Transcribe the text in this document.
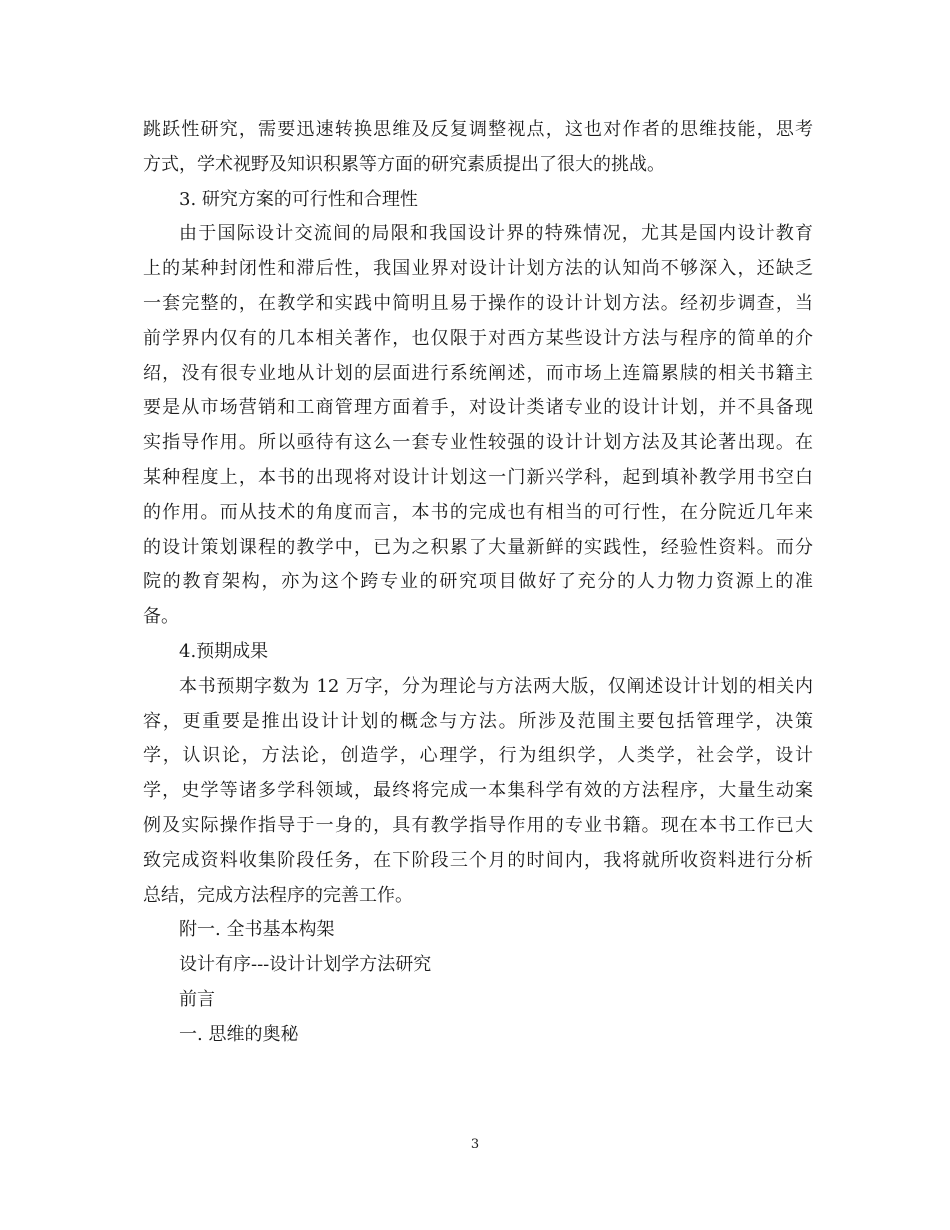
跳跃性研究，需要迅速转换思维及反复调整视点，这也对作者的思维技能，思考
方式，学术视野及知识积累等方面的研究素质提出了很大的挑战。
3. 研究方案的可行性和合理性
由于国际设计交流间的局限和我国设计界的特殊情况，尤其是国内设计教育
上的某种封闭性和滞后性，我国业界对设计计划方法的认知尚不够深入，还缺乏
一套完整的，在教学和实践中简明且易于操作的设计计划方法。经初步调查，当
前学界内仅有的几本相关著作，也仅限于对西方某些设计方法与程序的简单的介
绍，没有很专业地从计划的层面进行系统阐述，而市场上连篇累牍的相关书籍主
要是从市场营销和工商管理方面着手，对设计类诸专业的设计计划，并不具备现
实指导作用。所以亟待有这么一套专业性较强的设计计划方法及其论著出现。在
某种程度上，本书的出现将对设计计划这一门新兴学科，起到填补教学用书空白
的作用。而从技术的角度而言，本书的完成也有相当的可行性，在分院近几年来
的设计策划课程的教学中，已为之积累了大量新鲜的实践性，经验性资料。而分
院的教育架构，亦为这个跨专业的研究项目做好了充分的人力物力资源上的准
备。
4.预期成果
本书预期字数为 12 万字，分为理论与方法两大版，仅阐述设计计划的相关内
容，更重要是推出设计计划的概念与方法。所涉及范围主要包括管理学，决策
学，认识论，方法论，创造学，心理学，行为组织学，人类学，社会学，设计
学，史学等诸多学科领域，最终将完成一本集科学有效的方法程序，大量生动案
例及实际操作指导于一身的，具有教学指导作用的专业书籍。现在本书工作已大
致完成资料收集阶段任务，在下阶段三个月的时间内，我将就所收资料进行分析
总结，完成方法程序的完善工作。
附一. 全书基本构架
设计有序---设计计划学方法研究
前言
一. 思维的奥秘
3
